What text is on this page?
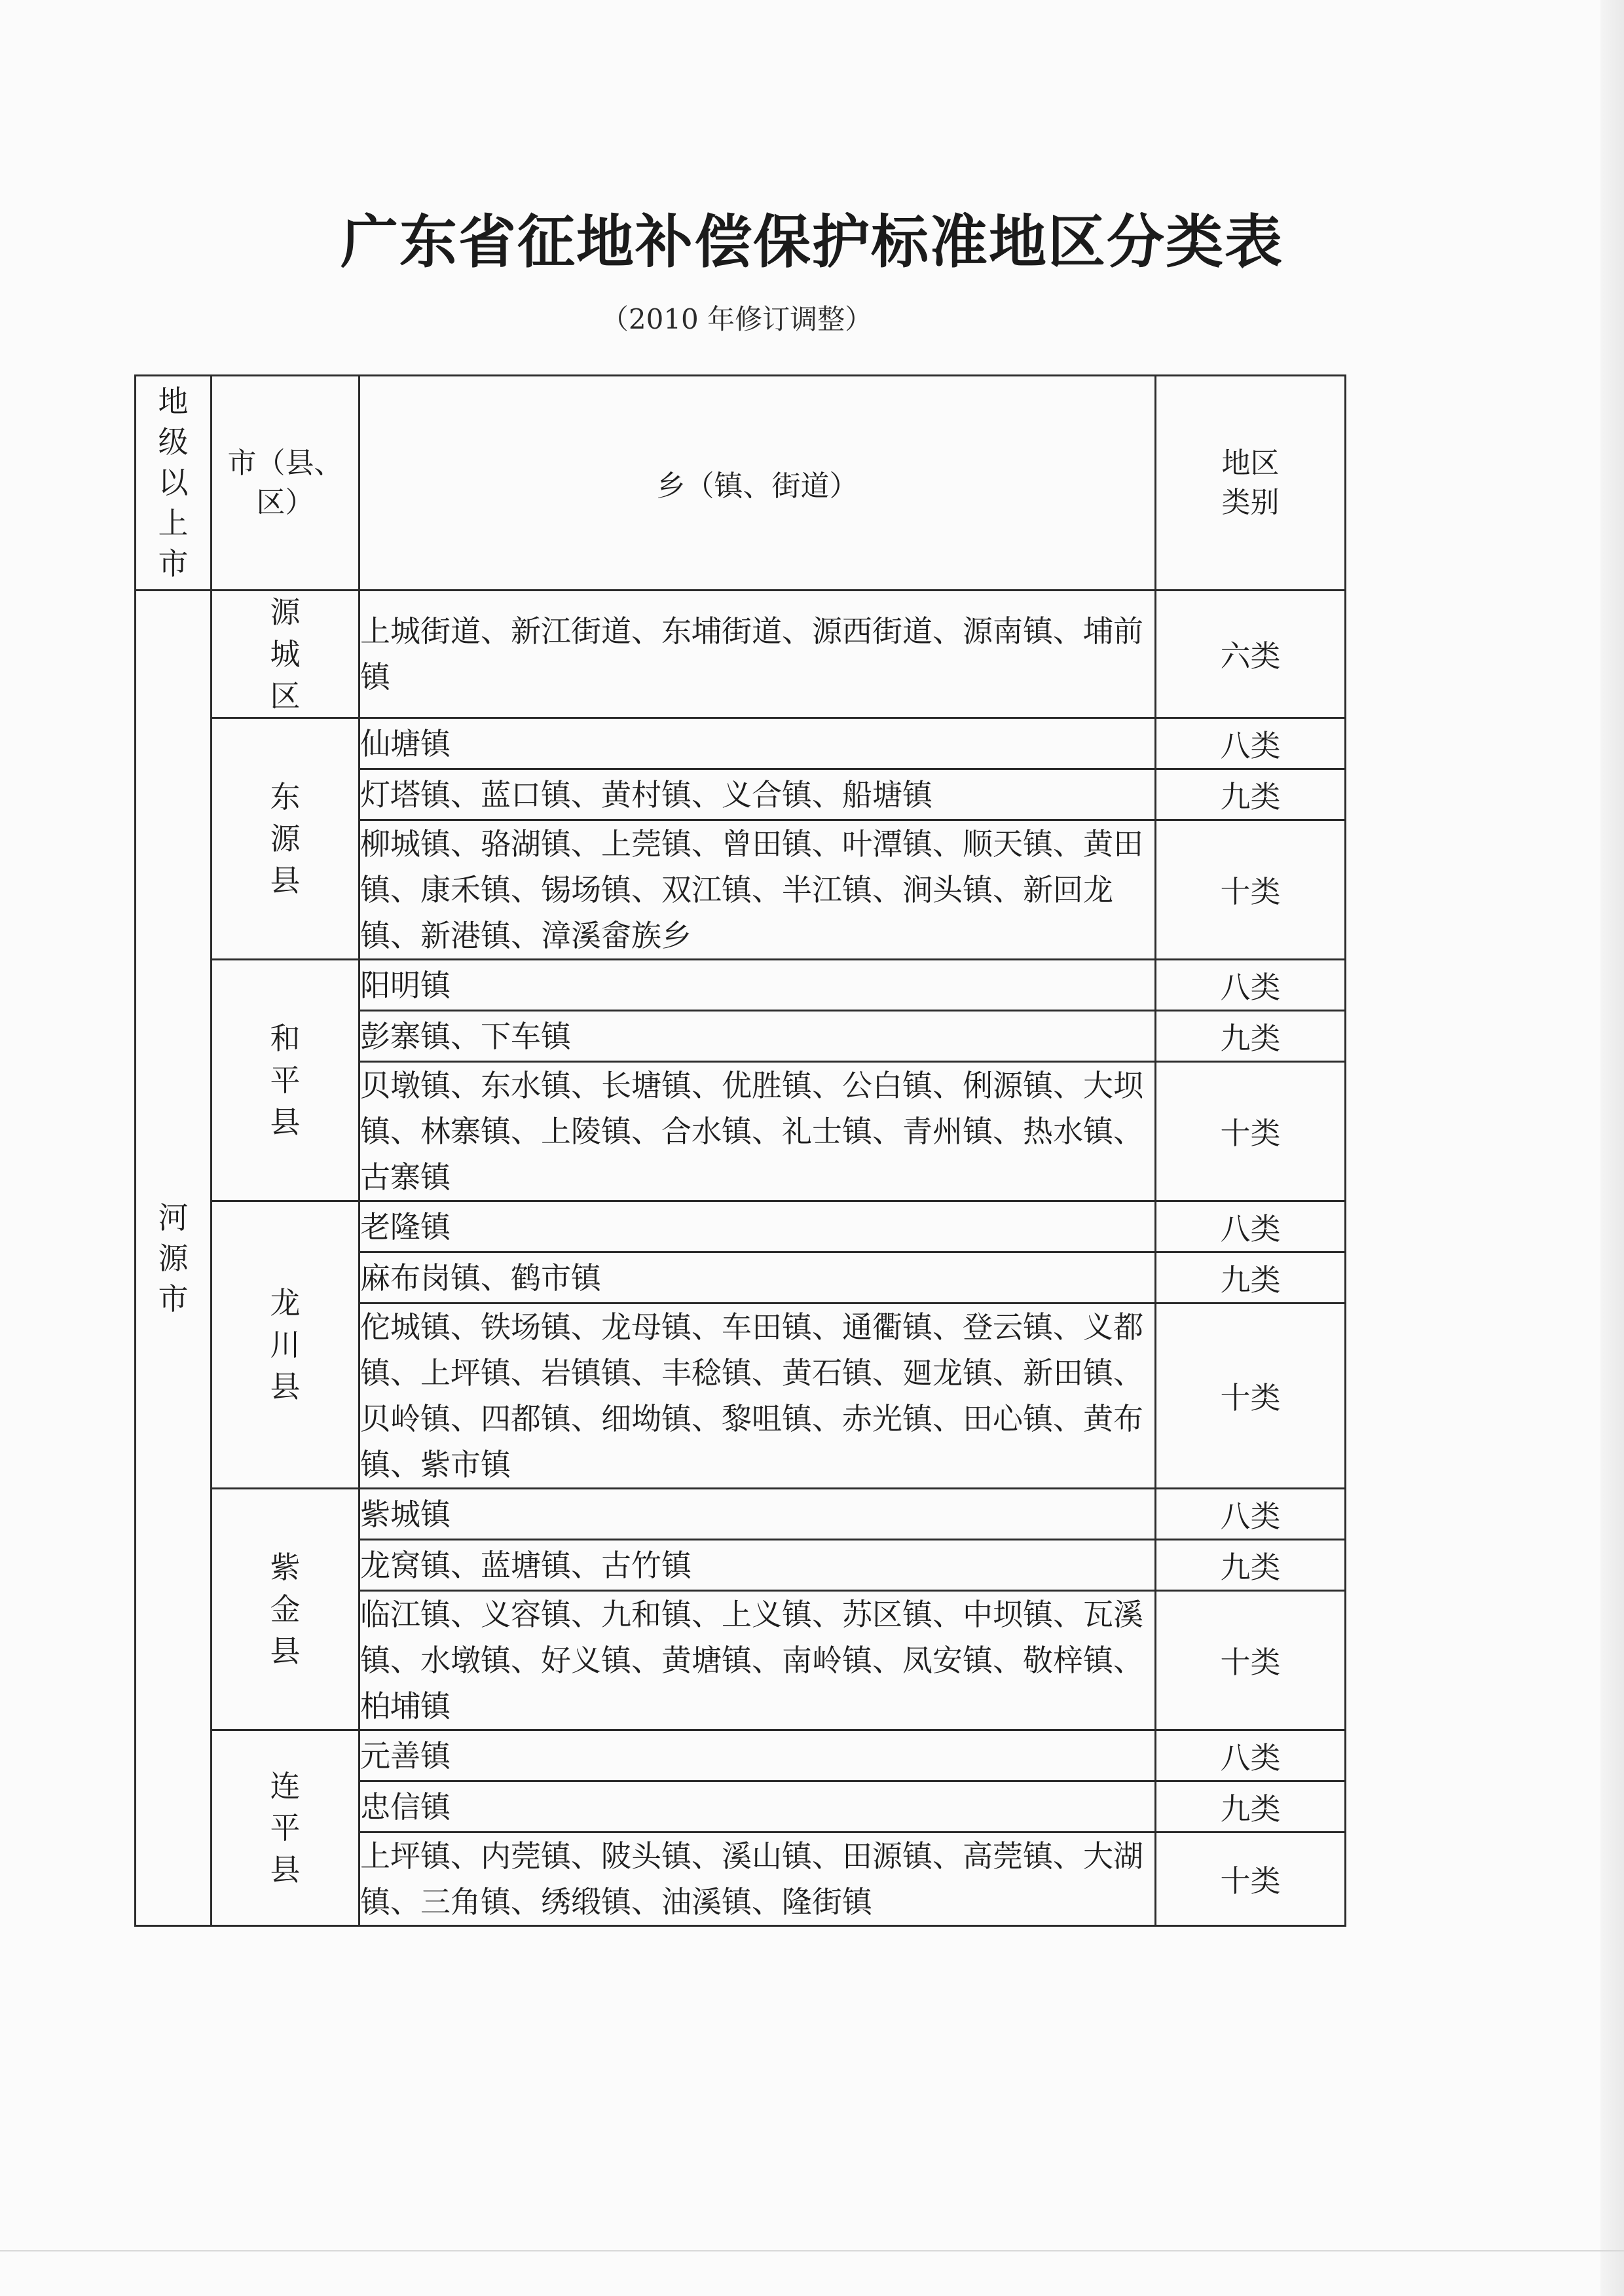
广东省征地补偿保护标准地区分类表
（2010 年修订调整）
地级以上市	市（县、区）	乡（镇、街道）	地区类别
河源市	源城区	上城街道、新江街道、东埔街道、源西街道、源南镇、埔前镇	六类
	东源县	仙塘镇	八类

		灯塔镇、蓝口镇、黄村镇、义合镇、船塘镇	九类

		柳城镇、骆湖镇、上莞镇、曾田镇、叶潭镇、顺天镇、黄田镇、康禾镇、锡场镇、双江镇、半江镇、涧头镇、新回龙镇、新港镇、漳溪畲族乡	十类
	和平县	阳明镇	八类

		彭寨镇、下车镇	九类

		贝墩镇、东水镇、长塘镇、优胜镇、公白镇、俐源镇、大坝镇、林寨镇、上陵镇、合水镇、礼士镇、青州镇、热水镇、古寨镇	十类
	龙川县	老隆镇	八类

		麻布岗镇、鹤市镇	九类

		佗城镇、铁场镇、龙母镇、车田镇、通衢镇、登云镇、义都镇、上坪镇、岩镇镇、丰稔镇、黄石镇、廻龙镇、新田镇、贝岭镇、四都镇、细坳镇、黎咀镇、赤光镇、田心镇、黄布镇、紫市镇	十类
	紫金县	紫城镇	八类

		龙窝镇、蓝塘镇、古竹镇	九类

		临江镇、义容镇、九和镇、上义镇、苏区镇、中坝镇、瓦溪镇、水墩镇、好义镇、黄塘镇、南岭镇、凤安镇、敬梓镇、柏埔镇	十类
	连平县	元善镇	八类

		忠信镇	九类

		上坪镇、内莞镇、陂头镇、溪山镇、田源镇、高莞镇、大湖镇、三角镇、绣缎镇、油溪镇、隆街镇	十类
